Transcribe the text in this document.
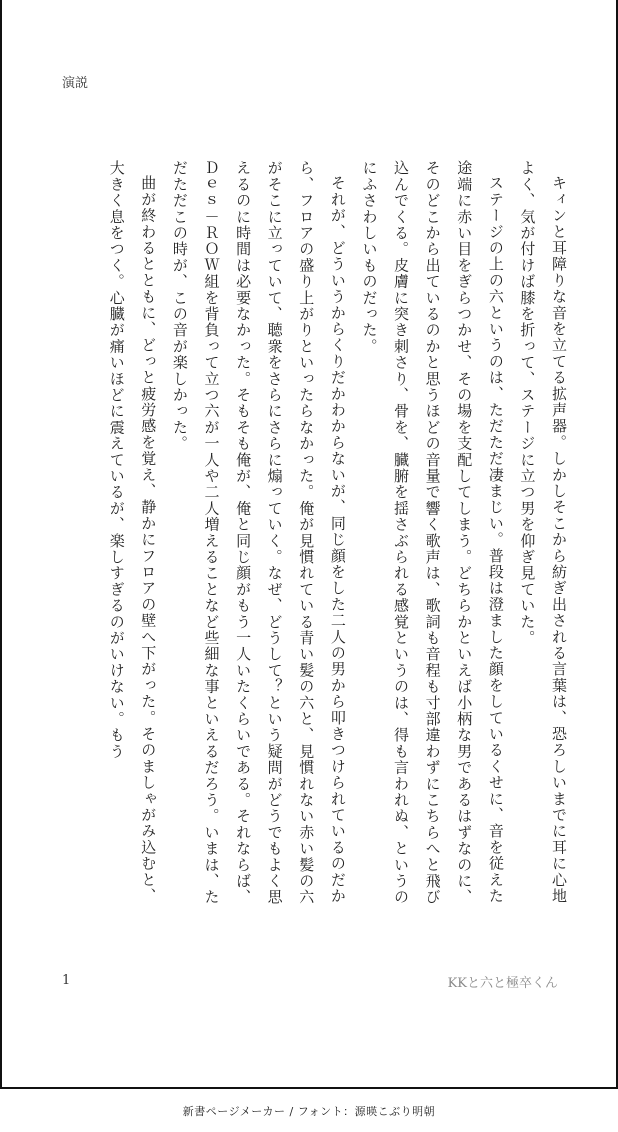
演説

キィンと耳障りな音を立てる拡声器。しかしそこから紡ぎ出される言葉は、恐ろしいまでに耳に心地よく、気が付けば膝を折って、ステージに立つ男を仰ぎ見ていた。

ステージの上の六というのは、ただただ凄まじい。普段は澄ました顔をしているくせに、音を従えた途端に赤い目をぎらつかせ、その場を支配してしまう。どちらかといえば小柄な男であるはずなのに、そのどこから出ているのかと思うほどの音量で響く歌声は、歌詞も音程も寸部違わずにこちらへと飛び込んでくる。皮膚に突き刺さり、骨を、臓腑を揺さぶられる感覚というのは、得も言われぬ、というのにふさわしいものだった。

それが、どういうからくりだかわからないが、同じ顔をした二人の男から叩きつけられているのだから、フロアの盛り上がりといったらなかった。俺が見慣れている青い髪の六と、見慣れない赤い髪の六がそこに立っていて、聴衆をさらにさらに煽っていく。なぜ、どうして？という疑問がどうでもよく思えるのに時間は必要なかった。そもそも俺が、俺と同じ顔がもう一人いたくらいである。それならば、Ｄｅｓ－ＲＯＷ組を背負って立つ六が一人や二人増えることなど些細な事といえるだろう。いまは、ただただこの時が、この音が楽しかった。

曲が終わるとともに、どっと疲労感を覚え、静かにフロアの壁へ下がった。そのましゃがみ込むと、大きく息をつく。心臓が痛いほどに震えているが、楽しすぎるのがいけない。もう

1	KKと六と極卒くん
新書ページメーカー / フォント：源暎こぶり明朝
